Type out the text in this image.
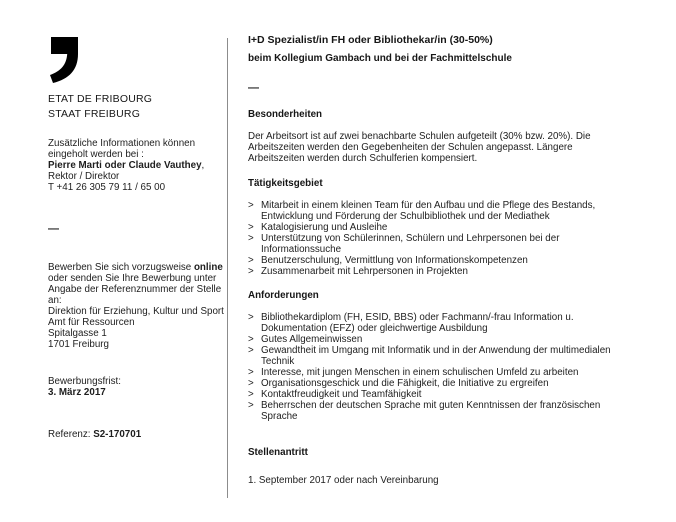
ETAT DE FRIBOURG
STAAT FREIBURG
Zusätzliche Informationen können eingeholt werden bei :
Pierre Marti oder Claude Vauthey,
Rektor / Direktor
T +41 26 305 79 11 / 65 00
—
Bewerben Sie sich vorzugsweise online oder senden Sie Ihre Bewerbung unter Angabe der Referenznummer der Stelle an:
Direktion für Erziehung, Kultur und Sport
Amt für Ressourcen
Spitalgasse 1
1701 Freiburg
Bewerbungsfrist:
3. März 2017
Referenz: S2-170701
I+D Spezialist/in FH oder Bibliothekar/in (30-50%)
beim Kollegium Gambach und bei der Fachmittelschule
—
Besonderheiten
Der Arbeitsort ist auf zwei benachbarte Schulen aufgeteilt (30% bzw. 20%). Die Arbeitszeiten werden den Gegebenheiten der Schulen angepasst. Längere Arbeitszeiten werden durch Schulferien kompensiert.
Tätigkeitsgebiet
> Mitarbeit in einem kleinen Team für den Aufbau und die Pflege des Bestands, Entwicklung und Förderung der Schulbibliothek und der Mediathek
> Katalogisierung und Ausleihe
> Unterstützung von Schülerinnen, Schülern und Lehrpersonen bei der Informationssuche
> Benutzerschulung, Vermittlung von Informationskompetenzen
> Zusammenarbeit mit Lehrpersonen in Projekten
Anforderungen
> Bibliothekardiplom (FH, ESID, BBS) oder Fachmann/-frau Information u. Dokumentation (EFZ) oder gleichwertige Ausbildung
> Gutes Allgemeinwissen
> Gewandtheit im Umgang mit Informatik und in der Anwendung der multimedialen Technik
> Interesse, mit jungen Menschen in einem schulischen Umfeld zu arbeiten
> Organisationsgeschick und die Fähigkeit, die Initiative zu ergreifen
> Kontaktfreudigkeit und Teamfähigkeit
> Beherrschen der deutschen Sprache mit guten Kenntnissen der französischen Sprache
Stellenantritt
1. September 2017 oder nach Vereinbarung
